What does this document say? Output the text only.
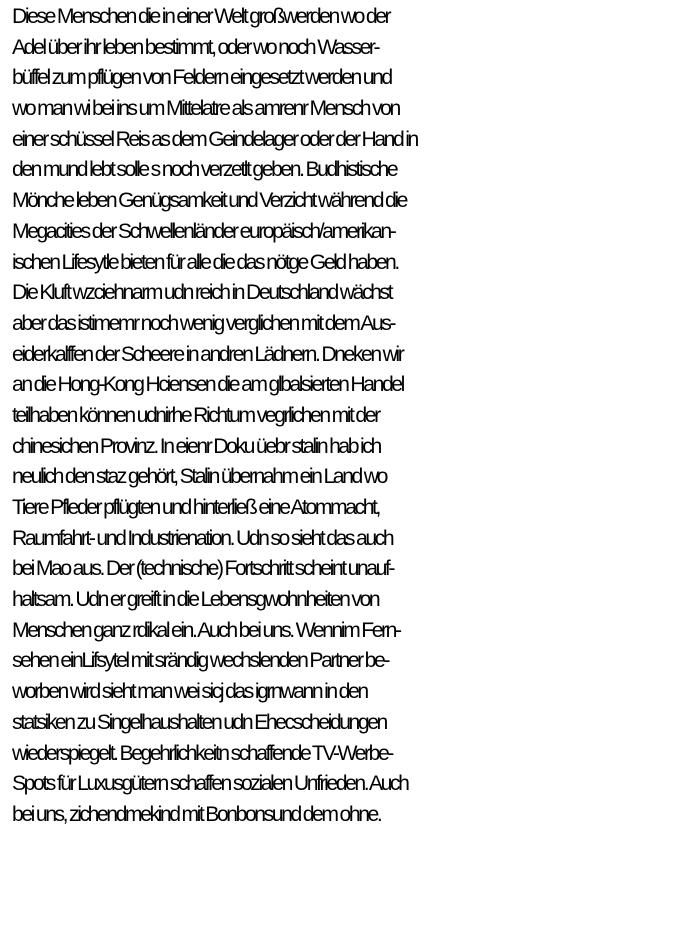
Diese Menschen die in einer Welt großwerden wo der
Adel über ihr leben bestimmt, oder wo noch Wasser-
büffel zum pflügen von Feldern eingesetzt werden und
wo man wi bei ins um Mittelatre als amrenr Mensch von
einer schüssel Reis as dem Geindelager oder der Hand in
den mund lebt solle s noch verzetlt geben. Budhistische
Mönche leben Genügsamkeit und Verzicht während die
Megacities der Schwellenländer europäisch/amerikan-
ischen Lifesytle bieten für alle die das nötge Geld haben.
Die Kluft wzciehnarm udn reich in Deutschland wächst
aber das istimemr noch wenig verglichen mit dem Aus-
eiderkalffen der Scheere in andren Lädnern. Dneken wir
an die Hong-Kong Hciensen die am glbalsierten Handel
teilhaben können udnirhe Richtum vegrlichen mit der
chinesichen Provinz. In eienr Doku üebr stalin hab ich
neulich den staz gehört, Stalin übernahm ein Land wo
Tiere Pfleder pflügten und hinterließ eine Atommacht,
Raumfahrt- und Industrienation. Udn so sieht das auch
bei Mao aus. Der (technische) Fortschritt scheint unauf-
haltsam. Udn er greift in die Lebensgwohnheiten von
Menschen ganz rdikal ein. Auch bei uns. Wennim Fern-
sehen einLifsytel mit srändig wechslenden Partner be-
worben wird sieht man wei sicj das igrnwann in den
statsiken zu Singelhaushalten udn Ehecscheidungen
wiederspiegelt. Begehrlichkeitn schaffende TV-Werbe-
Spots für Luxusgütern schaffen sozialen Unfrieden. Auch
bei uns, zichendmekind mit Bonbonsund dem ohne.
